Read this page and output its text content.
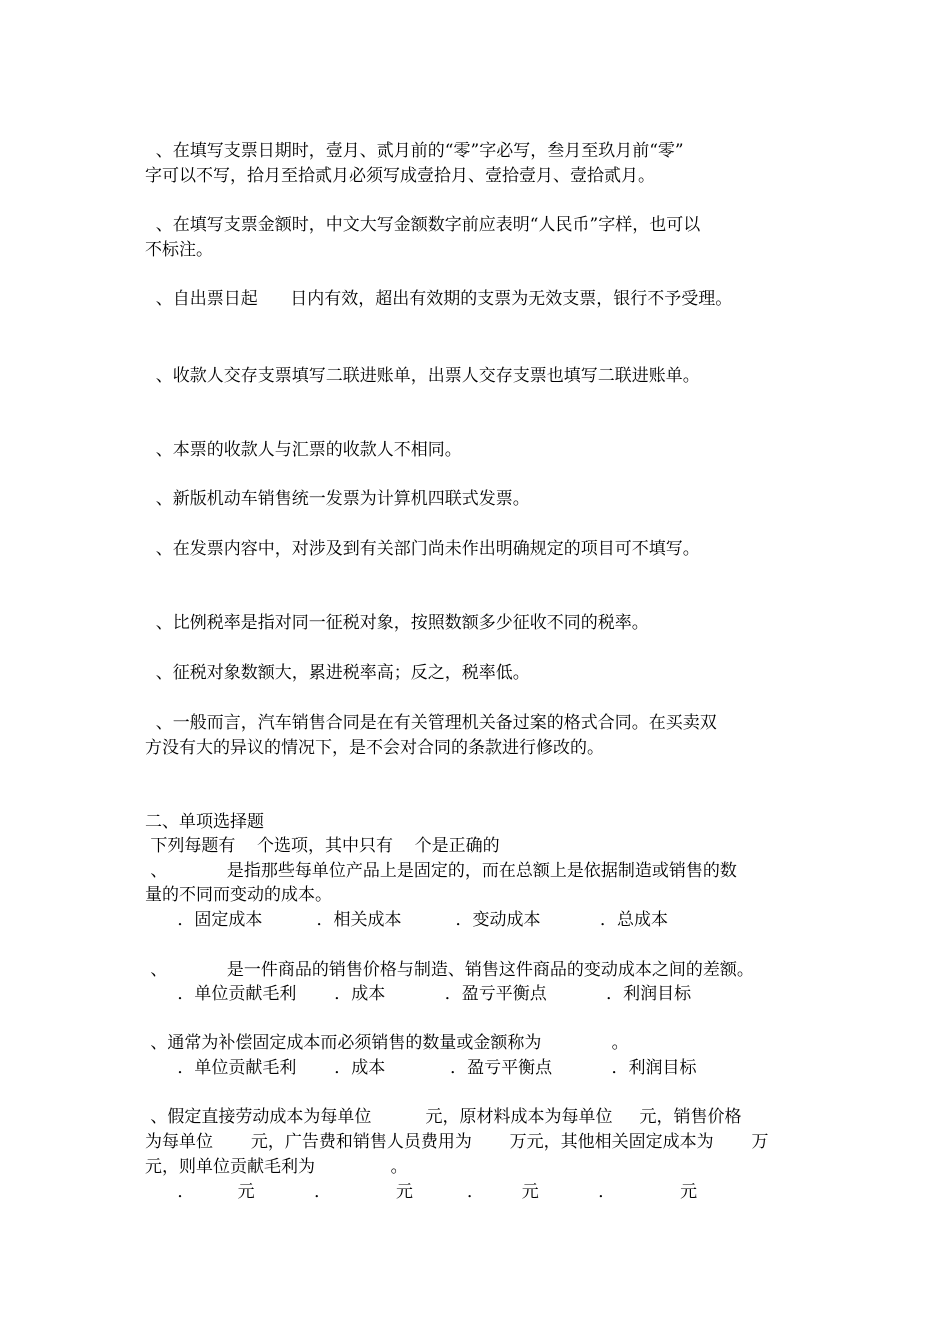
、在填写支票日期时，壹月、贰月前的“零”字必写，叁月至玖月前“零”
字可以不写，拾月至拾贰月必须写成壹拾月、壹拾壹月、壹拾贰月。
、在填写支票金额时，中文大写金额数字前应表明“人民币”字样，也可以
不标注。
、自出票日起      日内有效，超出有效期的支票为无效支票，银行不予受理。
、收款人交存支票填写二联进账单，出票人交存支票也填写二联进账单。
、本票的收款人与汇票的收款人不相同。
、新版机动车销售统一发票为计算机四联式发票。
、在发票内容中，对涉及到有关部门尚未作出明确规定的项目可不填写。
、比例税率是指对同一征税对象，按照数额多少征收不同的税率。
、征税对象数额大，累进税率高；反之，税率低。
、一般而言，汽车销售合同是在有关管理机关备过案的格式合同。在买卖双
方没有大的异议的情况下，是不会对合同的条款进行修改的。
二、单项选择题
下列每题有    个选项，其中只有    个是正确的
、           是指那些每单位产品上是固定的，而在总额上是依据制造或销售的数
量的不同而变动的成本。
．固定成本          ．相关成本          ．变动成本           ．总成本
、           是一件商品的销售价格与制造、销售这件商品的变动成本之间的差额。
．单位贡献毛利       ．成本           ．盈亏平衡点           ．利润目标
、通常为补偿固定成本而必须销售的数量或金额称为             。
．单位贡献毛利       ．成本            ．盈亏平衡点           ．利润目标
、假定直接劳动成本为每单位          元，原材料成本为每单位     元，销售价格
为每单位       元，广告费和销售人员费用为       万元，其他相关固定成本为       万
元，则单位贡献毛利为              。
．        元           ．            元          ．       元           ．            元
